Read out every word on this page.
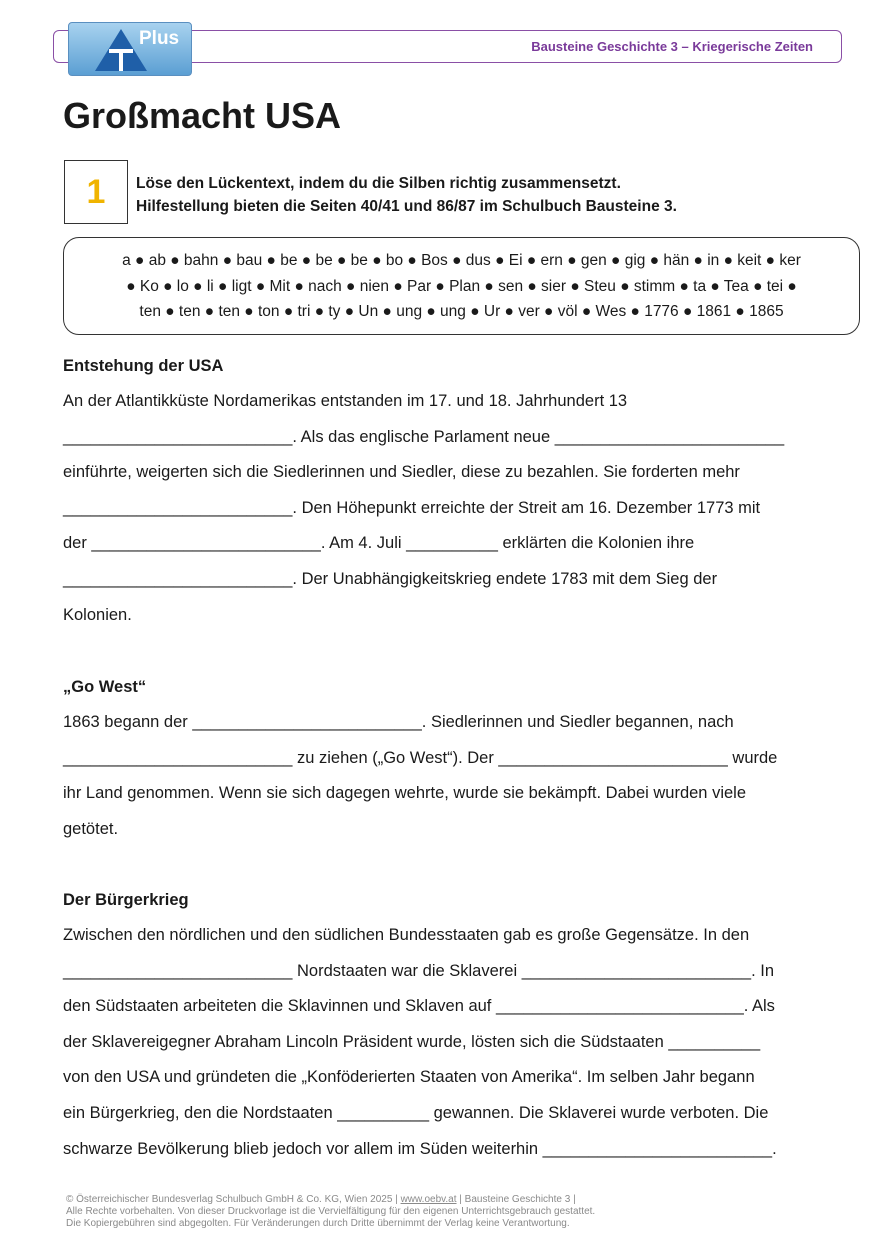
Bausteine Geschichte 3 – Kriegerische Zeiten
Plus
Großmacht USA
1	Löse den Lückentext, indem du die Silben richtig zusammensetzt.
Hilfestellung bieten die Seiten 40/41 und 86/87 im Schulbuch Bausteine 3.
a ● ab ● bahn ● bau ● be ● be ● be ● bo ● Bos ● dus ● Ei ● ern ● gen ● gig ● hän ● in ● keit ● ker
● Ko ● lo ● li ● ligt ● Mit ● nach ● nien ● Par ● Plan ● sen ● sier ● Steu ● stimm ● ta ● Tea ● tei ●
ten ● ten ● ten ● ton ● tri ● ty ● Un ● ung ● ung ● Ur ● ver ● völ ● Wes ● 1776 ● 1861 ● 1865
Entstehung der USA

An der Atlantikküste Nordamerikas entstanden im 17. und 18. Jahrhundert 13

_________________________. Als das englische Parlament neue _________________________

einführte, weigerten sich die Siedlerinnen und Siedler, diese zu bezahlen. Sie forderten mehr

_________________________. Den Höhepunkt erreichte der Streit am 16. Dezember 1773 mit

der _________________________. Am 4. Juli __________ erklärten die Kolonien ihre

_________________________. Der Unabhängigkeitskrieg endete 1783 mit dem Sieg der

Kolonien.

„Go West“

1863 begann der _________________________. Siedlerinnen und Siedler begannen, nach

_________________________ zu ziehen („Go West“). Der _________________________ wurde

ihr Land genommen. Wenn sie sich dagegen wehrte, wurde sie bekämpft. Dabei wurden viele

getötet.

Der Bürgerkrieg

Zwischen den nördlichen und den südlichen Bundesstaaten gab es große Gegensätze. In den

_________________________ Nordstaaten war die Sklaverei _________________________. In

den Südstaaten arbeiteten die Sklavinnen und Sklaven auf ___________________________. Als

der Sklavereigegner Abraham Lincoln Präsident wurde, lösten sich die Südstaaten __________

von den USA und gründeten die „Konföderierten Staaten von Amerika“. Im selben Jahr begann

ein Bürgerkrieg, den die Nordstaaten __________ gewannen. Die Sklaverei wurde verboten. Die

schwarze Bevölkerung blieb jedoch vor allem im Süden weiterhin _________________________.

© Österreichischer Bundesverlag Schulbuch GmbH & Co. KG, Wien 2025 | www.oebv.at | Bausteine Geschichte 3 |
Alle Rechte vorbehalten. Von dieser Druckvorlage ist die Vervielfältigung für den eigenen Unterrichtsgebrauch gestattet.
Die Kopiergebühren sind abgegolten. Für Veränderungen durch Dritte übernimmt der Verlag keine Verantwortung.
